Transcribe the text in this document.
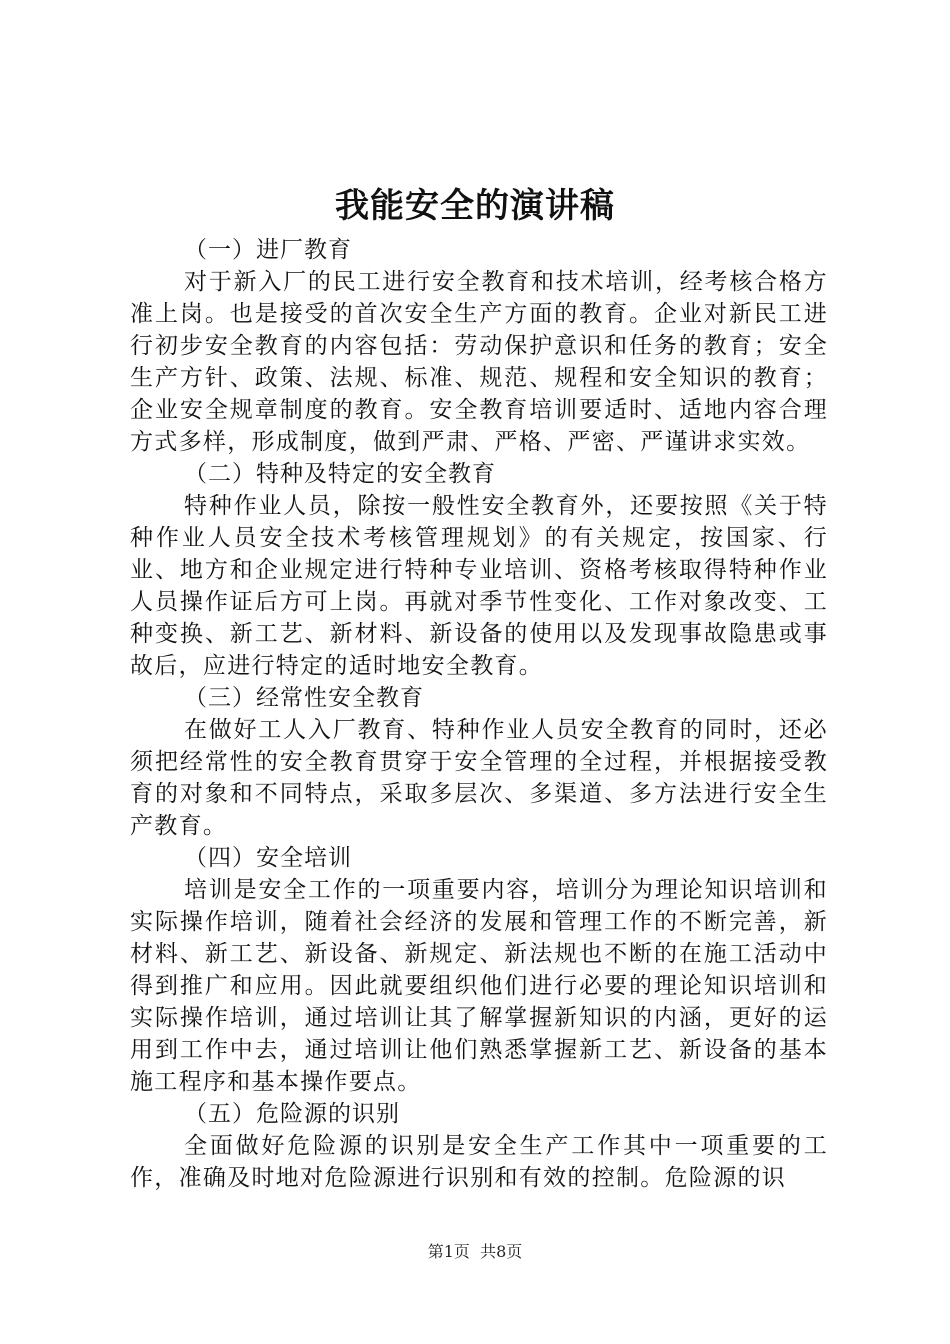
我能安全的演讲稿

（一）进厂教育

对于新入厂的民工进行安全教育和技术培训，经考核合格方准上岗。也是接受的首次安全生产方面的教育。企业对新民工进行初步安全教育的内容包括：劳动保护意识和任务的教育；安全生产方针、政策、法规、标准、规范、规程和安全知识的教育；企业安全规章制度的教育。安全教育培训要适时、适地内容合理方式多样，形成制度，做到严肃、严格、严密、严谨讲求实效。

（二）特种及特定的安全教育

特种作业人员，除按一般性安全教育外，还要按照《关于特种作业人员安全技术考核管理规划》的有关规定，按国家、行业、地方和企业规定进行特种专业培训、资格考核取得特种作业人员操作证后方可上岗。再就对季节性变化、工作对象改变、工种变换、新工艺、新材料、新设备的使用以及发现事故隐患或事故后，应进行特定的适时地安全教育。

（三）经常性安全教育

在做好工人入厂教育、特种作业人员安全教育的同时，还必须把经常性的安全教育贯穿于安全管理的全过程，并根据接受教育的对象和不同特点，采取多层次、多渠道、多方法进行安全生产教育。

（四）安全培训

培训是安全工作的一项重要内容，培训分为理论知识培训和实际操作培训，随着社会经济的发展和管理工作的不断完善，新材料、新工艺、新设备、新规定、新法规也不断的在施工活动中得到推广和应用。因此就要组织他们进行必要的理论知识培训和实际操作培训，通过培训让其了解掌握新知识的内涵，更好的运用到工作中去，通过培训让他们熟悉掌握新工艺、新设备的基本施工程序和基本操作要点。

（五）危险源的识别

全面做好危险源的识别是安全生产工作其中一项重要的工作，准确及时地对危险源进行识别和有效的控制。危险源的识

第1页  共8页
